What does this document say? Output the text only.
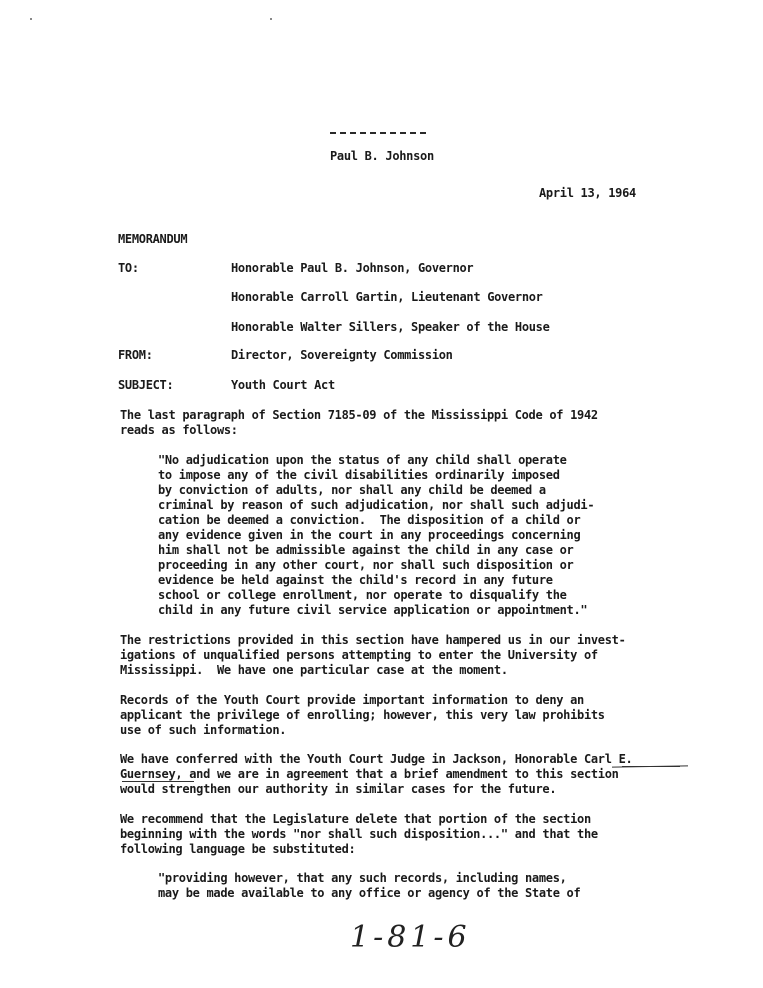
Paul B. Johnson
April 13, 1964
MEMORANDUM
TO:	Honorable Paul B. Johnson, Governor
Honorable Carroll Gartin, Lieutenant Governor
Honorable Walter Sillers, Speaker of the House
FROM:	Director, Sovereignty Commission
SUBJECT:	Youth Court Act
The last paragraph of Section 7185-09 of the Mississippi Code of 1942
reads as follows:
"No adjudication upon the status of any child shall operate
to impose any of the civil disabilities ordinarily imposed
by conviction of adults, nor shall any child be deemed a
criminal by reason of such adjudication, nor shall such adjudi-
cation be deemed a conviction.  The disposition of a child or
any evidence given in the court in any proceedings concerning
him shall not be admissible against the child in any case or
proceeding in any other court, nor shall such disposition or
evidence be held against the child's record in any future
school or college enrollment, nor operate to disqualify the
child in any future civil service application or appointment."
The restrictions provided in this section have hampered us in our invest-
igations of unqualified persons attempting to enter the University of
Mississippi.  We have one particular case at the moment.
Records of the Youth Court provide important information to deny an
applicant the privilege of enrolling; however, this very law prohibits
use of such information.
We have conferred with the Youth Court Judge in Jackson, Honorable Carl E.
Guernsey, and we are in agreement that a brief amendment to this section
would strengthen our authority in similar cases for the future.
We recommend that the Legislature delete that portion of the section
beginning with the words "nor shall such disposition..." and that the
following language be substituted:
"providing however, that any such records, including names,
may be made available to any office or agency of the State of
1-81-6
